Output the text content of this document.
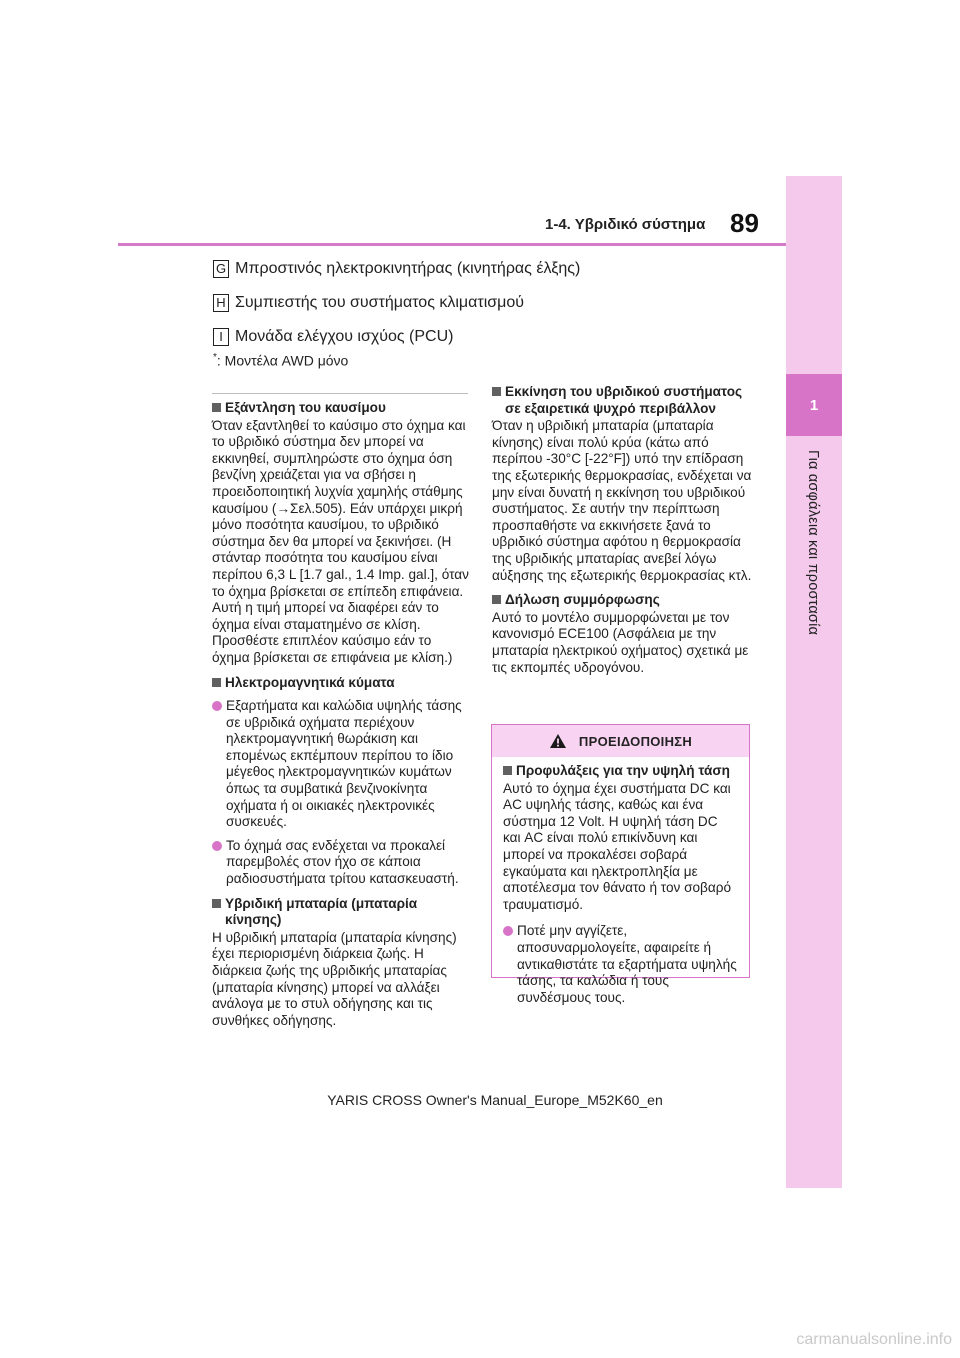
1-4. Υβριδικό σύστημα 89
1
Για ασφάλεια και προστασία
G Μπροστινός ηλεκτροκινητήρας (κινητήρας έλξης)
H Συμπιεστής του συστήματος κλιματισμού
I Μονάδα ελέγχου ισχύος (PCU)
*: Μοντέλα AWD μόνο
Εξάντληση του καυσίμου
Όταν εξαντληθεί το καύσιμο στο όχημα και το υβριδικό σύστημα δεν μπορεί να εκκινηθεί, συμπληρώστε στο όχημα όση βενζίνη χρειάζεται για να σβήσει η προειδοποιητική λυχνία χαμηλής στάθμης καυσίμου (→Σελ.505). Εάν υπάρχει μικρή μόνο ποσότητα καυσίμου, το υβριδικό σύστημα δεν θα μπορεί να ξεκινήσει. (Η στάνταρ ποσότητα του καυσίμου είναι περίπου 6,3 L [1.7 gal., 1.4 Imp. gal.], όταν το όχημα βρίσκεται σε επίπεδη επιφάνεια. Αυτή η τιμή μπορεί να διαφέρει εάν το όχημα είναι σταματημένο σε κλίση. Προσθέστε επιπλέον καύσιμο εάν το όχημα βρίσκεται σε επιφάνεια με κλίση.)
Ηλεκτρομαγνητικά κύματα
Εξαρτήματα και καλώδια υψηλής τάσης σε υβριδικά οχήματα περιέχουν ηλεκτρομαγνητική θωράκιση και επομένως εκπέμπουν περίπου το ίδιο μέγεθος ηλεκτρομαγνητικών κυμάτων όπως τα συμβατικά βενζινοκίνητα οχήματα ή οι οικιακές ηλεκτρονικές συσκευές.
Το όχημά σας ενδέχεται να προκαλεί παρεμβολές στον ήχο σε κάποια ραδιοσυστήματα τρίτου κατασκευαστή.
Υβριδική μπαταρία (μπαταρία κίνησης)
Η υβριδική μπαταρία (μπαταρία κίνησης) έχει περιορισμένη διάρκεια ζωής. Η διάρκεια ζωής της υβριδικής μπαταρίας (μπαταρία κίνησης) μπορεί να αλλάξει ανάλογα με το στυλ οδήγησης και τις συνθήκες οδήγησης.
Εκκίνηση του υβριδικού συστήματος σε εξαιρετικά ψυχρό περιβάλλον
Όταν η υβριδική μπαταρία (μπαταρία κίνησης) είναι πολύ κρύα (κάτω από περίπου -30°C [-22°F]) υπό την επίδραση της εξωτερικής θερμοκρασίας, ενδέχεται να μην είναι δυνατή η εκκίνηση του υβριδικού συστήματος. Σε αυτήν την περίπτωση προσπαθήστε να εκκινήσετε ξανά το υβριδικό σύστημα αφότου η θερμοκρασία της υβριδικής μπαταρίας ανεβεί λόγω αύξησης της εξωτερικής θερμοκρασίας κτλ.
Δήλωση συμμόρφωσης
Αυτό το μοντέλο συμμορφώνεται με τον κανονισμό ECE100 (Ασφάλεια με την μπαταρία ηλεκτρικού οχήματος) σχετικά με τις εκπομπές υδρογόνου.
ΠΡΟΕΙΔΟΠΟΙΗΣΗ
Προφυλάξεις για την υψηλή τάση
Αυτό το όχημα έχει συστήματα DC και AC υψηλής τάσης, καθώς και ένα σύστημα 12 Volt. Η υψηλή τάση DC και AC είναι πολύ επικίνδυνη και μπορεί να προκαλέσει σοβαρά εγκαύματα και ηλεκτροπληξία με αποτέλεσμα τον θάνατο ή τον σοβαρό τραυματισμό.
Ποτέ μην αγγίζετε, αποσυναρμολογείτε, αφαιρείτε ή αντικαθιστάτε τα εξαρτήματα υψηλής τάσης, τα καλώδια ή τους συνδέσμους τους.
YARIS CROSS Owner's Manual_Europe_M52K60_en
carmanualsonline.info
